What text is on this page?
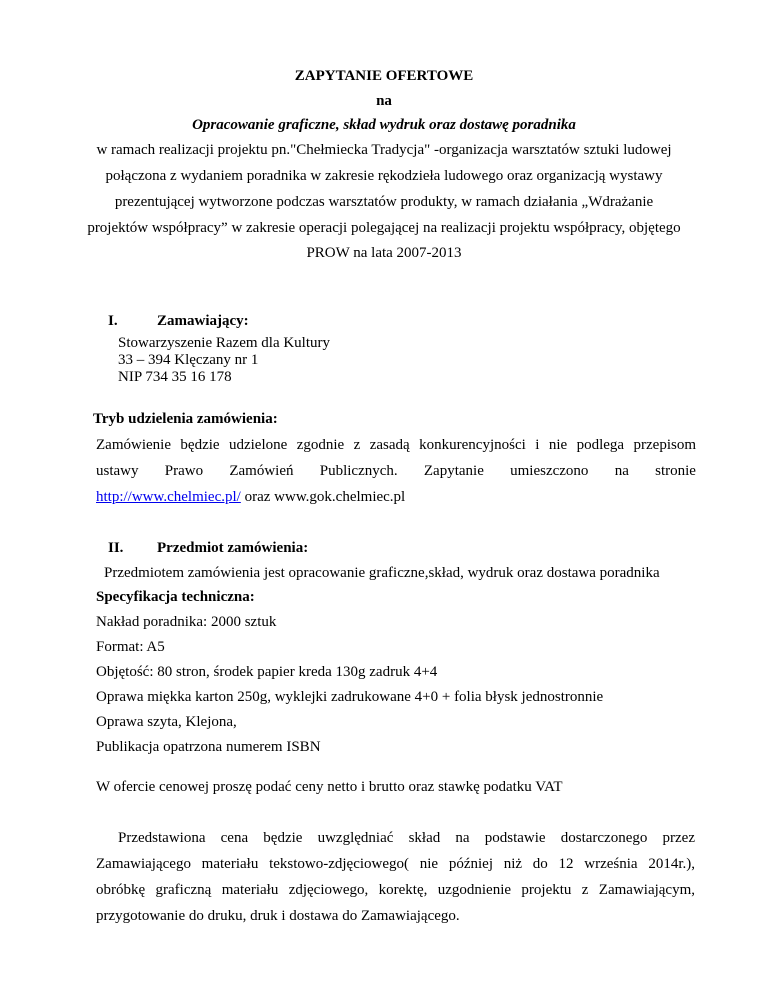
ZAPYTANIE OFERTOWE
na
Opracowanie graficzne, skład wydruk oraz dostawę poradnika
w ramach realizacji projektu pn."Chełmiecka Tradycja" -organizacja warsztatów sztuki ludowej
połączona z wydaniem poradnika w zakresie rękodzieła ludowego oraz organizacją wystawy
prezentującej wytworzone podczas warsztatów produkty, w ramach działania „Wdrażanie
projektów współpracy” w zakresie operacji polegającej na realizacji projektu współpracy, objętego
PROW na lata 2007-2013
I.	Zamawiający:
Stowarzyszenie Razem dla Kultury
33 – 394 Klęczany nr 1
NIP 734 35 16 178
Tryb udzielenia zamówienia:
Zamówienie będzie udzielone zgodnie z zasadą konkurencyjności i nie podlega przepisom
ustawy Prawo Zamówień Publicznych. Zapytanie umieszczono na stronie
http://www.chelmiec.pl/ oraz www.gok.chelmiec.pl
II. Przedmiot zamówienia:
Przedmiotem zamówienia jest opracowanie graficzne,skład, wydruk oraz dostawa poradnika
Specyfikacja techniczna:
Nakład poradnika: 2000 sztuk
Format: A5
Objętość: 80 stron, środek papier kreda 130g zadruk 4+4
Oprawa miękka karton 250g, wyklejki zadrukowane 4+0 + folia błysk jednostronnie
Oprawa szyta, Klejona,
Publikacja opatrzona numerem ISBN
W ofercie cenowej proszę podać ceny netto i brutto oraz stawkę podatku VAT
Przedstawiona cena będzie uwzględniać skład na podstawie dostarczonego przez
Zamawiającego materiału tekstowo-zdjęciowego( nie później niż do 12 września 2014r.),
obróbkę graficzną materiału zdjęciowego, korektę, uzgodnienie projektu z Zamawiającym,
przygotowanie do druku, druk i dostawa do Zamawiającego.
